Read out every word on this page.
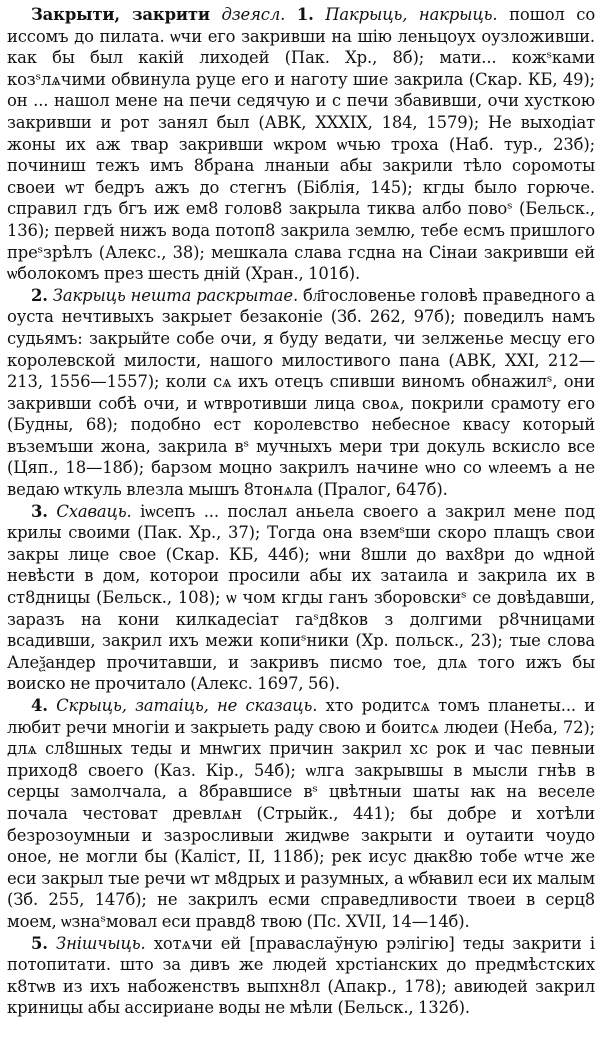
Закрыти, закрити дзеясл. 1. Пакрыць, накрыць. пошол со иссомъ до пилата. ѡчи его закривши на шію леньцоух оузложивши. как бы был какій лиходей (Пак. Хр., 8б); мати... кожˢками козˢлѧчими обвинула руце его и наготу шие закрила (Скар. КБ, 49); он ... нашол мене на печи седячую и с печи збавивши, очи хусткою закривши и рот занял был (АВК, XXXIX, 184, 1579); Не выходіат жоны их аж твар закривши ѡкром ѡчью троха (Наб. тур., 23б); починиш тежъ имъ 8брана лнаныи абы закрили тѣло соромоты своеи ѡт бедръ ажъ до стегнъ (Біблія, 145); кгды было горюче. справил гдъ бгъ иж ем8 голов8 закрыла тиква албо повоˢ (Бельск., 136); первей нижъ вода потоп8 закрила землю, тебе есмъ пришлого преˢзрѣлъ (Алекс., 38); мешкала слава гсдна на Сінаи закривши ей ѡболокомъ през шесть дній (Хран., 101б).

2. Закрыць нешта раскрытае. бл҃гословенье головѣ праведного а оуста нечтивыхъ закрыет безаконіе (Зб. 262, 97б); поведилъ намъ судьямъ: закрыйте собе очи, я буду ведати, чи зелженье месцу его королевской милости, нашого милостивого пана (АВК, XXI, 212—213, 1556—1557); коли сѧ ихъ отецъ спивши виномъ обнажилˢ, они закривши собѣ очи, и ѡтвротивши лица своѧ, покрили срамоту его (Будны, 68); подобно ест королевство небесное квасу который въземъши жона, закрила вˢ мучныхъ мери три докуль вскисло все (Цяп., 18—18б); барзом моцно закрилъ начине ѡно со ѡлеемъ а не ведаю ѡткуль влезла мышъ 8тонѧла (Пралог, 647б).

3. Схаваць. іѡсепъ ... послал аньела своего а закрил мене под крилы своими (Пак. Хр., 37); Тогда она вземˢши скоро плащъ свои закры лице свое (Скар. КБ, 44б); ѡни 8шли до вах8ри до ѡдной невѣсти в дом, которои просили абы их затаила и закрила их в ст8дницы (Бельск., 108); ѡ чом кгды ганъ зборовскиˢ се довѣдавши, заразъ на кони килкадесіат гаˢд8ков з долгими р8чницами всадивши, закрил ихъ межи копиˢники (Хр. польск., 23); тые слова Алеѯандер прочитавши, и закривъ писмо тое, длѧ того ижъ бы воиско не прочитало (Алекс. 1697, 56).

4. Скрыць, затаіць, не сказаць. хто родитсѧ томъ планеты... и любит речи многіи и закрыеть раду свою и боитсѧ людеи (Неба, 72); длѧ сл8шных теды и мнѡгих причин закрил хс рок и час певныи приход8 своего (Каз. Кір., 54б); ѡлга закрывшы в мысли гнѣв в серцы замолчала, а 8бравшисе вˢ цвѣтныи шаты ꙗк на веселе почала честоват древлѧн (Стрыйк., 441); бы добре и хотѣли безрозоумныи и зазросливыи жидѡве закрыти и оутаити чоудо оное, не могли бы (Каліст, II, 118б); рек исус дꙗк8ю тобе ѡтче же еси закрыл тые речи ѡт м8дрых и разумных, а ѡбꙗвил еси их малым (Зб. 255, 147б); не закрилъ есми справедливости твоеи в серц8 моем, ѡзнаˢмовал еси правд8 твою (Пс. XVII, 14—14б).

5. Знішчыць. хотѧчи ей [праваслаўную рэлігію] теды закрити і потопитати. што за дивъ же людей хрстіанских до предмѣстских к8тѡв из ихъ набоженствъ выпхн8л (Апакр., 178); авиюдей закрил криницы абы ассирианe воды не мѣли (Бельск., 132б).
